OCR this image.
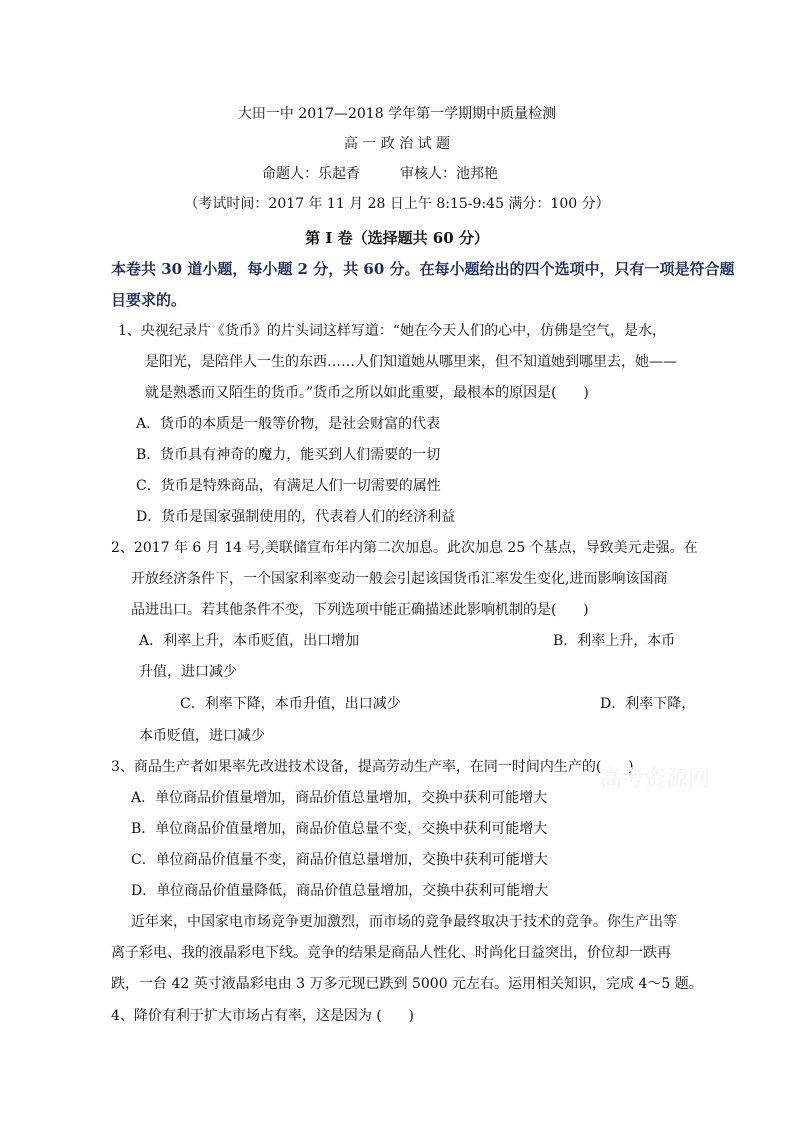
大田一中 2017—2018 学年第一学期期中质量检测
高 一 政 治 试 题
命题人：乐起香	审核人：池邦艳
（考试时间：2017 年 11 月 28 日上午 8:15-9:45 满分：100 分）
第 I 卷（选择题共 60 分）
本卷共 30 道小题，每小题 2 分，共 60 分。在每小题给出的四个选项中，只有一项是符合题
目要求的。
1、央视纪录片《货币》的片头词这样写道：“她在今天人们的心中，仿佛是空气，是水，
是阳光，是陪伴人一生的东西……人们知道她从哪里来，但不知道她到哪里去，她——
就是熟悉而又陌生的货币。”货币之所以如此重要，最根本的原因是(      )
A．货币的本质是一般等价物，是社会财富的代表
B．货币具有神奇的魔力，能买到人们需要的一切
C．货币是特殊商品，有满足人们一切需要的属性
D．货币是国家强制使用的，代表着人们的经济利益
2、2017 年 6 月 14 号,美联储宣布年内第二次加息。此次加息 25 个基点，导致美元走强。在
开放经济条件下，一个国家利率变动一般会引起该国货币汇率发生变化,进而影响该国商
品进出口。若其他条件不变，下列选项中能正确描述此影响机制的是(      )
A．利率上升，本币贬值，出口增加	B．利率上升，本币
升值，进口减少
C．利率下降，本币升值，出口减少	D．利率下降，
本币贬值，进口减少
3、商品生产者如果率先改进技术设备，提高劳动生产率，在同一时间内生产的(      )
A．单位商品价值量增加，商品价值总量增加，交换中获利可能增大
B．单位商品价值量增加，商品价值总量不变，交换中获利可能增大
C．单位商品价值量不变，商品价值总量增加，交换中获利可能增大
D．单位商品价值量降低，商品价值总量增加，交换中获利可能增大
近年来，中国家电市场竞争更加激烈，而市场的竞争最终取决于技术的竞争。你生产出等
离子彩电、我的液晶彩电下线。竞争的结果是商品人性化、时尚化日益突出，价位却一跌再
跌，一台 42 英寸液晶彩电由 3 万多元现已跌到 5000 元左右。运用相关知识，完成 4～5 题。
4、降价有利于扩大市场占有率，这是因为 (      )
高考资源网
